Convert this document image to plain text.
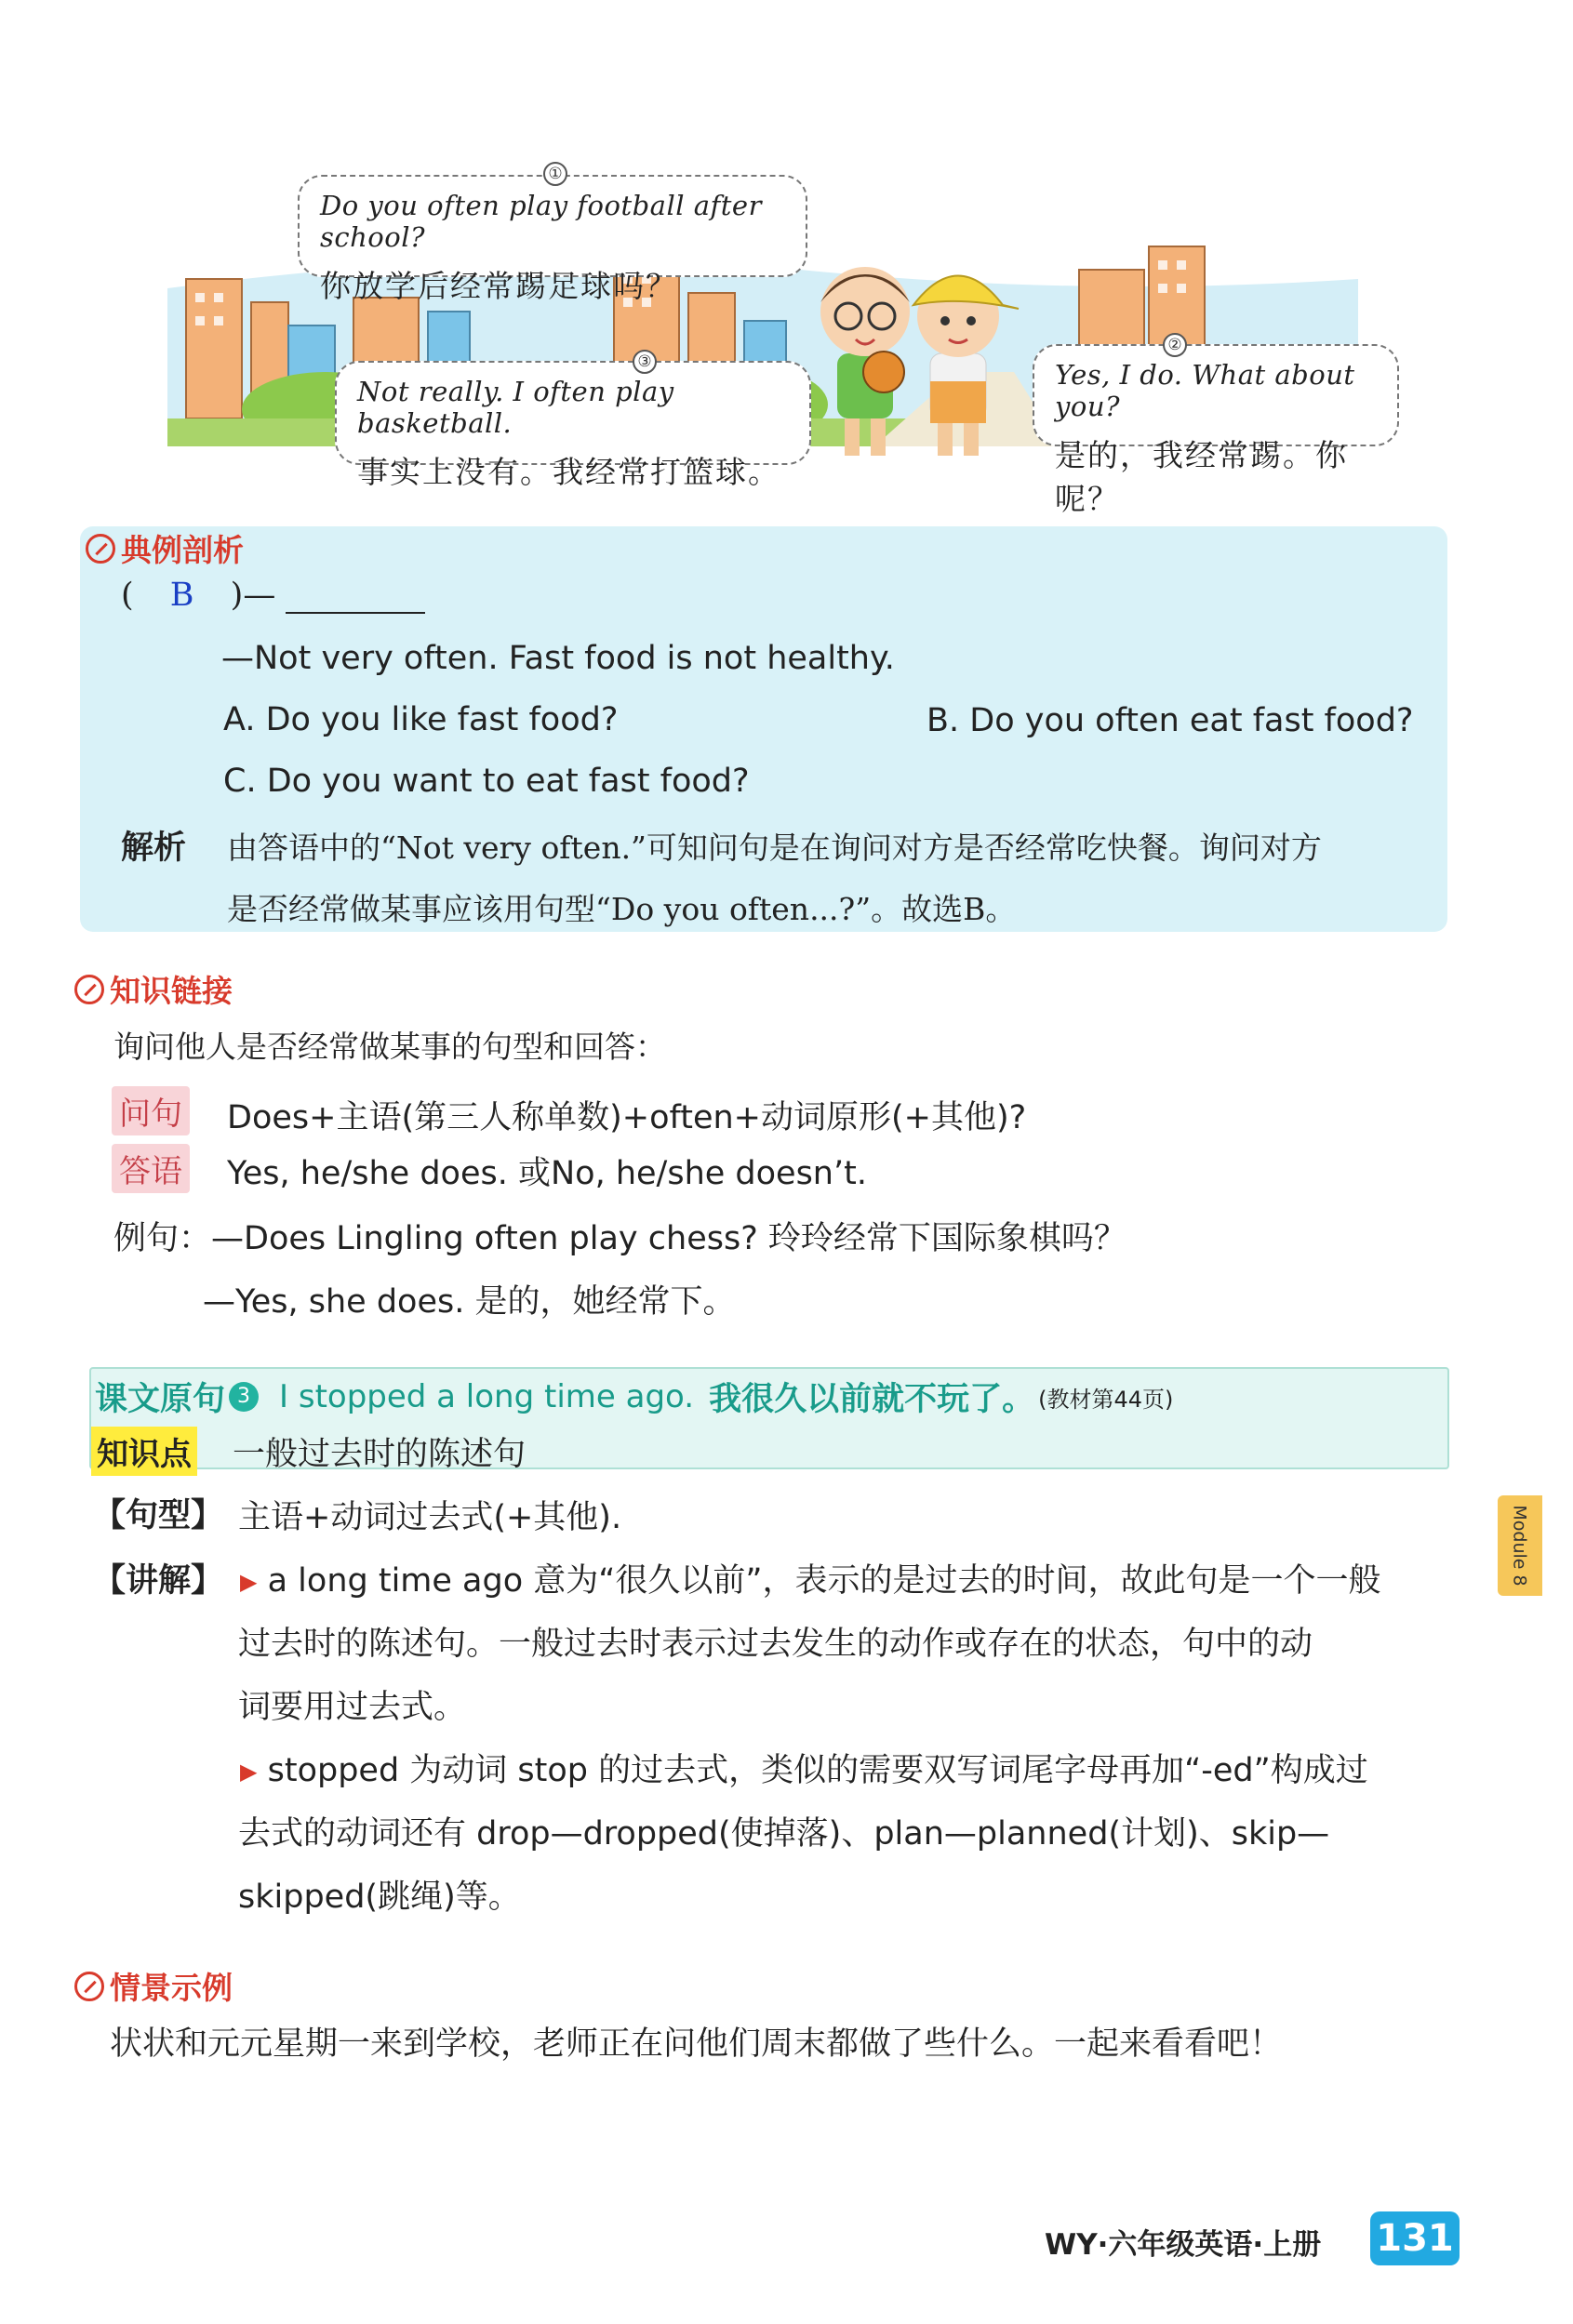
①
Do you often play football after school?
你放学后经常踢足球吗？
③
Not really. I often play basketball.
事实上没有。我经常打篮球。
②
Yes, I do. What about you?
是的，我经常踢。你呢？
典例剖析
( B )—
—Not very often. Fast food is not healthy.
A. Do you like fast food?	B. Do you often eat fast food?
C. Do you want to eat fast food?
解析 由答语中的“Not very often.”可知问句是在询问对方是否经常吃快餐。询问对方
是否经常做某事应该用句型“Do you often...?”。故选B。
知识链接
询问他人是否经常做某事的句型和回答：
问句 Does+主语(第三人称单数)+often+动词原形(+其他)?
答语 Yes, he/she does. 或No, he/she doesn’t.
例句：—Does Lingling often play chess? 玲玲经常下国际象棋吗？
—Yes, she does. 是的，她经常下。
课文原句 3 I stopped a long time ago. 我很久以前就不玩了。 (教材第44页)
知识点 一般过去时的陈述句
【句型】 主语+动词过去式(+其他).
【讲解】 ▶ a long time ago 意为“很久以前”，表示的是过去的时间，故此句是一个一般
过去时的陈述句。一般过去时表示过去发生的动作或存在的状态，句中的动
词要用过去式。
▶ stopped 为动词 stop 的过去式，类似的需要双写词尾字母再加“-ed”构成过
去式的动词还有 drop—dropped(使掉落)、plan—planned(计划)、skip—
skipped(跳绳)等。
情景示例
状状和元元星期一来到学校，老师正在问他们周末都做了些什么。一起来看看吧！
Module 8
WY·六年级英语·上册 131
